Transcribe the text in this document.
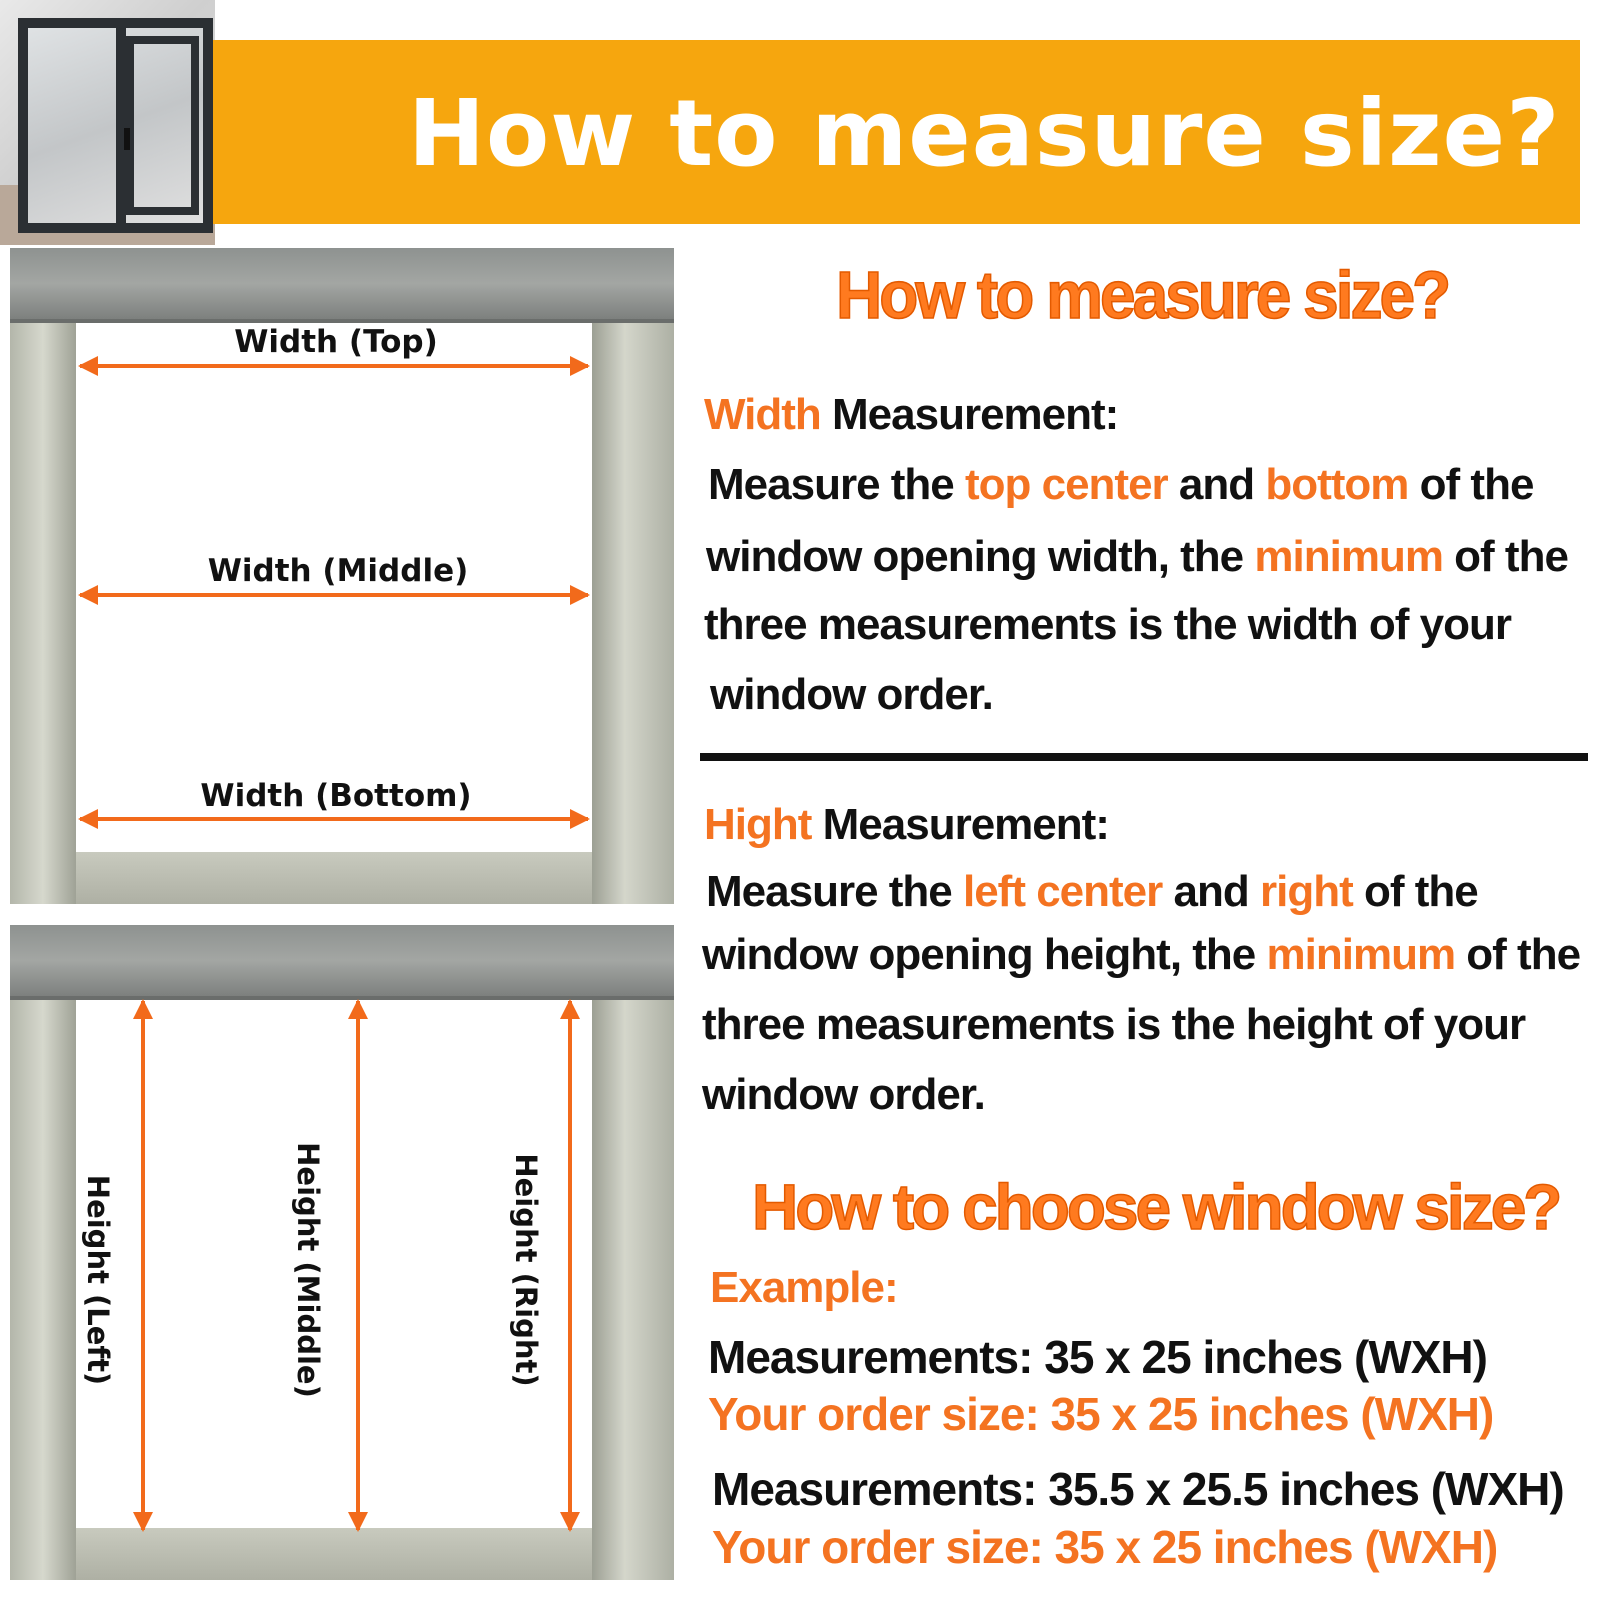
How to measure size?
Width (Top)
Width (Middle)
Width (Bottom)
Height (Left)	Height (Middle)	Height (Right)
How to measure size?
Width Measurement:
Measure the top center and bottom of the
window opening width, the minimum of the
three measurements is the width of your
window order.
Hight Measurement:
Measure the left center and right of the
window opening height, the minimum of the
three measurements is the height of your
window order.
How to choose window size?
Example:
Measurements: 35 x 25 inches (WXH)
Your order size: 35 x 25 inches (WXH)
Measurements: 35.5 x 25.5 inches (WXH)
Your order size: 35 x 25 inches (WXH)
